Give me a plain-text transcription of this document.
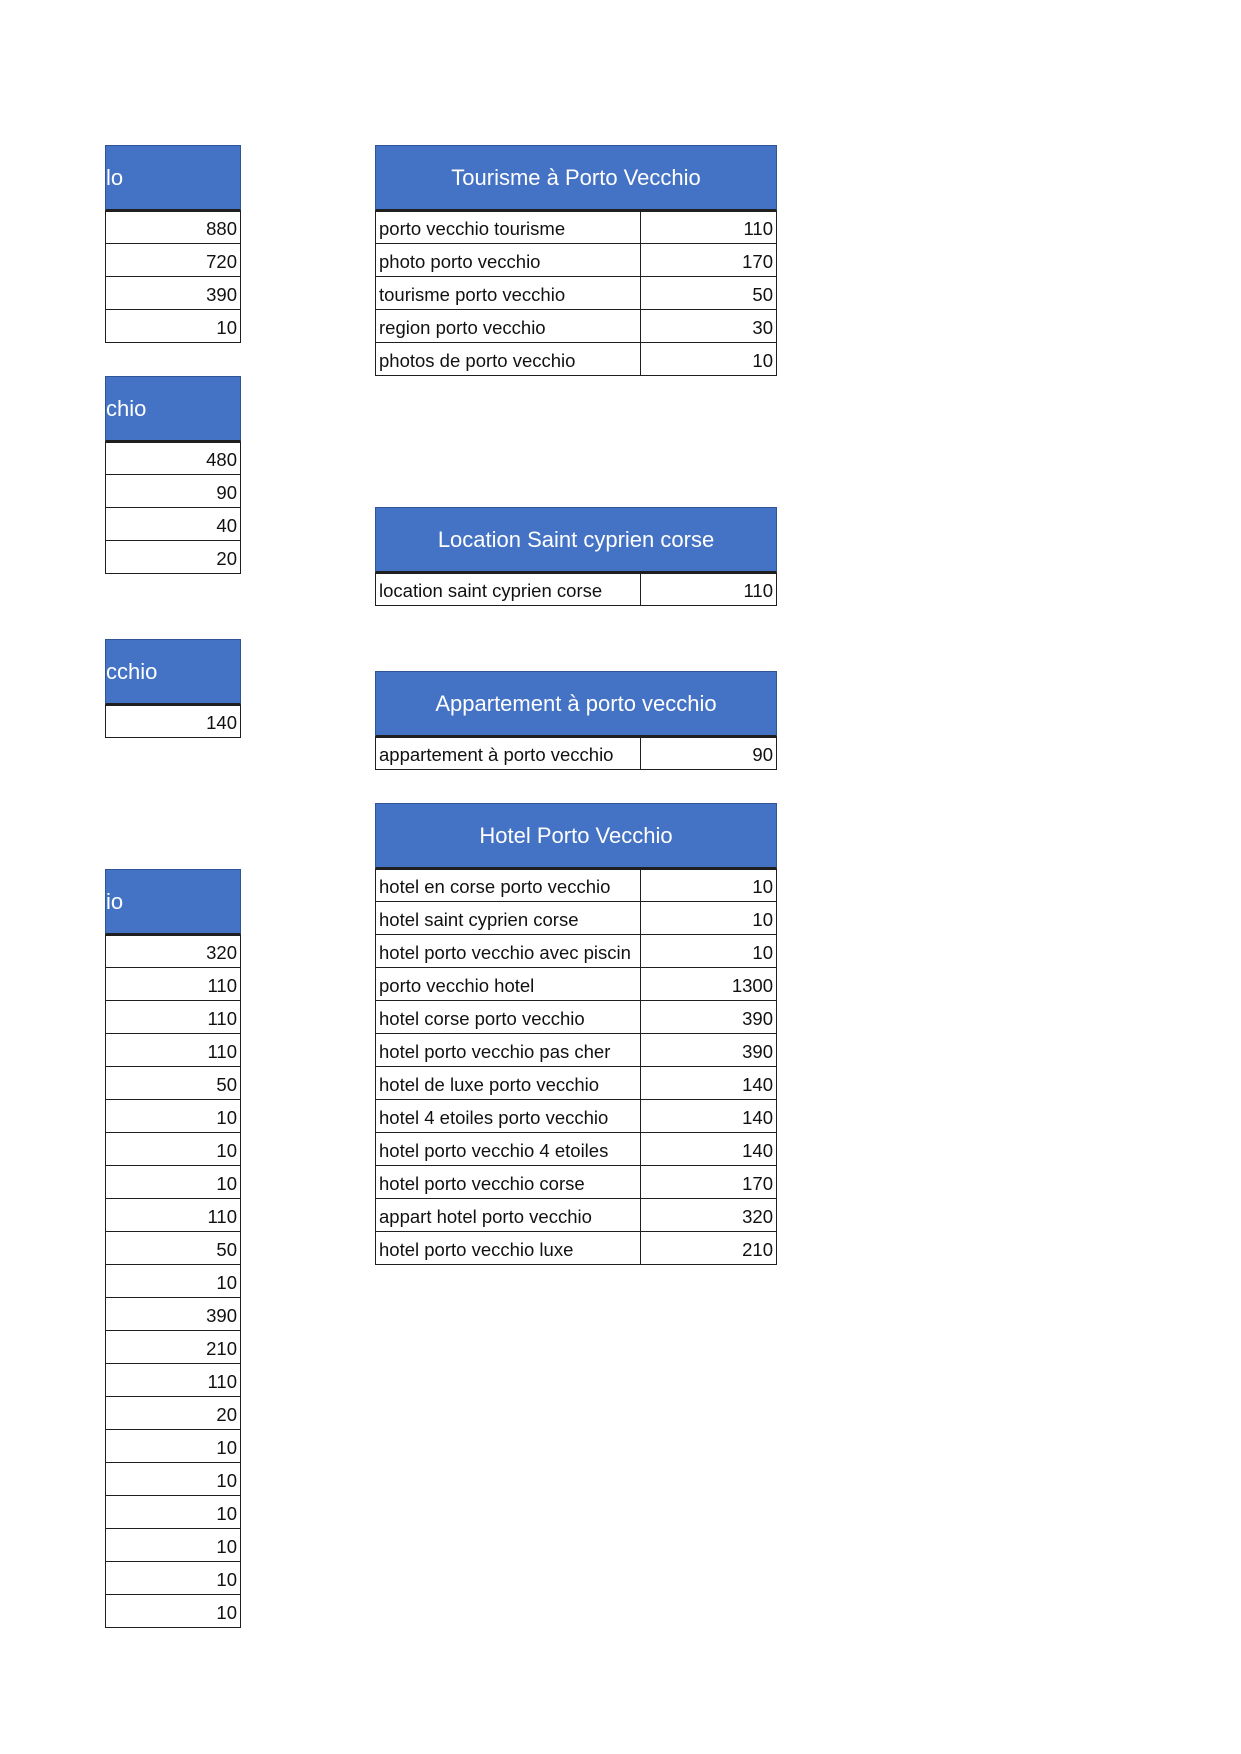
lo
880
720
390
10
chio
480
90
40
20
cchio
140
io
320
110
110
110
50
10
10
10
110
50
10
390
210
110
20
10
10
10
10
10
10
Tourisme à Porto Vecchio
porto vecchio tourisme	110
photo porto vecchio	170
tourisme porto vecchio	50
region porto vecchio	30
photos de porto vecchio	10
Location Saint cyprien corse
location saint cyprien corse	110
Appartement à porto vecchio
appartement à porto vecchio	90
Hotel Porto Vecchio
hotel en corse porto vecchio	10
hotel saint cyprien corse	10
hotel porto vecchio avec piscin	10
porto vecchio hotel	1300
hotel corse porto vecchio	390
hotel porto vecchio pas cher	390
hotel de luxe porto vecchio	140
hotel 4 etoiles porto vecchio	140
hotel porto vecchio 4 etoiles	140
hotel porto vecchio corse	170
appart hotel porto vecchio	320
hotel porto vecchio luxe	210
